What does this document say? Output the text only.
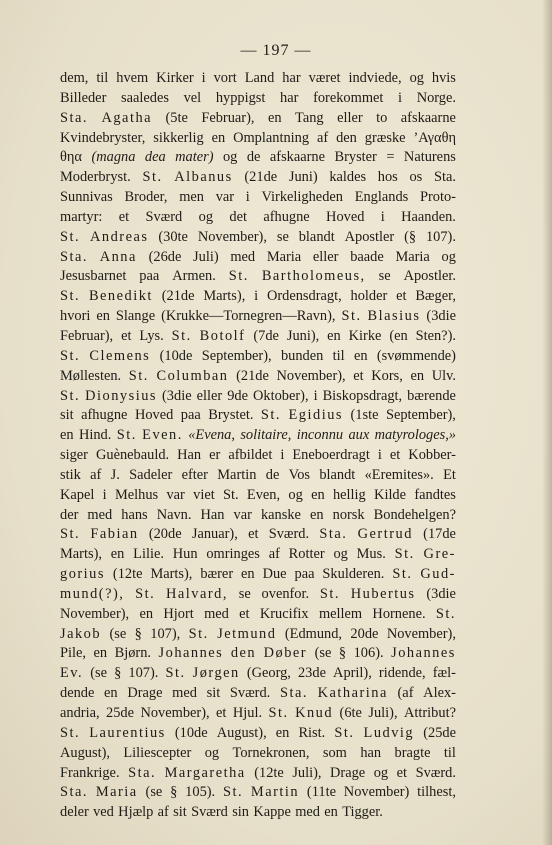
— 197 —
dem, til hvem Kirker i vort Land har været indviede, og hvis
Billeder saaledes vel hyppigst har forekommet i Norge.
Sta. Agatha (5te Februar), en Tang eller to afskaarne
Kvindebryster, sikkerlig en Omplantning af den græske ’Αγαθη
θηα (magna dea mater) og de afskaarne Bryster = Naturens
Moderbryst. St. Albanus (21de Juni) kaldes hos os Sta.
Sunnivas Broder, men var i Virkeligheden Englands Proto-
martyr: et Sværd og det afhugne Hoved i Haanden.
St. Andreas (30te November), se blandt Apostler (§ 107).
Sta. Anna (26de Juli) med Maria eller baade Maria og
Jesusbarnet paa Armen. St. Bartholomeus, se Apostler.
St. Benedikt (21de Marts), i Ordensdragt, holder et Bæger,
hvori en Slange (Krukke—Tornegren—Ravn), St. Blasius (3die
Februar), et Lys. St. Botolf (7de Juni), en Kirke (en Sten?).
St. Clemens (10de September), bunden til en (svømmende)
Møllesten. St. Columban (21de November), et Kors, en Ulv.
St. Dionysius (3die eller 9de Oktober), i Biskopsdragt, bærende
sit afhugne Hoved paa Brystet. St. Egidius (1ste September),
en Hind. St. Even. «Evena, solitaire, inconnu aux matyrologes,»
siger Guènebauld. Han er afbildet i Eneboerdragt i et Kobber-
stik af J. Sadeler efter Martin de Vos blandt «Eremites». Et
Kapel i Melhus var viet St. Even, og en hellig Kilde fandtes
der med hans Navn. Han var kanske en norsk Bondehelgen?
St. Fabian (20de Januar), et Sværd. Sta. Gertrud (17de
Marts), en Lilie. Hun omringes af Rotter og Mus. St. Gre-
gorius (12te Marts), bærer en Due paa Skulderen. St. Gud-
mund(?), St. Halvard, se ovenfor. St. Hubertus (3die
November), en Hjort med et Krucifix mellem Hornene. St.
Jakob (se § 107), St. Jetmund (Edmund, 20de November),
Pile, en Bjørn. Johannes den Døber (se § 106). Johannes
Ev. (se § 107). St. Jørgen (Georg, 23de April), ridende, fæl-
dende en Drage med sit Sværd. Sta. Katharina (af Alex-
andria, 25de November), et Hjul. St. Knud (6te Juli), Attribut?
St. Laurentius (10de August), en Rist. St. Ludvig (25de
August), Liliescepter og Tornekronen, som han bragte til
Frankrige. Sta. Margaretha (12te Juli), Drage og et Sværd.
Sta. Maria (se § 105). St. Martin (11te November) tilhest,
deler ved Hjælp af sit Sværd sin Kappe med en Tigger.
